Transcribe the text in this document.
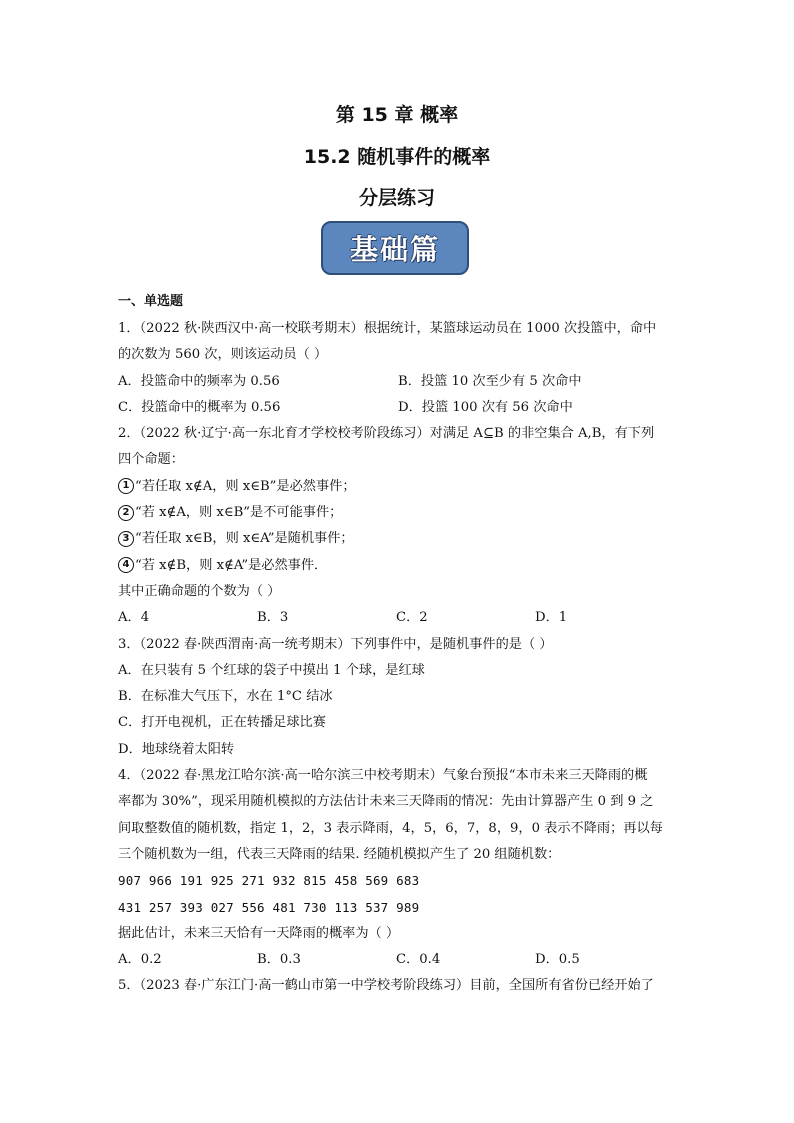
第 15 章 概率
15.2 随机事件的概率
分层练习
基础篇
一、单选题
1．（2022 秋·陕西汉中·高一校联考期末）根据统计，某篮球运动员在 1000 次投篮中，命中
的次数为 560 次，则该运动员（ ）
A．投篮命中的频率为 0.56	B．投篮 10 次至少有 5 次命中
C．投篮命中的概率为 0.56	D．投篮 100 次有 56 次命中
2．（2022 秋·辽宁·高一东北育才学校校考阶段练习）对满足 A⊆B 的非空集合 A,B，有下列
四个命题：
1 “若任取 x∉A，则 x∈B”是必然事件；
2 “若 x∉A，则 x∈B”是不可能事件；
3 “若任取 x∈B，则 x∈A”是随机事件；
4 “若 x∉B，则 x∉A”是必然事件．
其中正确命题的个数为（ ）
A．4	B．3	C．2	D．1
3．（2022 春·陕西渭南·高一统考期末）下列事件中，是随机事件的是（ ）
A．在只装有 5 个红球的袋子中摸出 1 个球，是红球
B．在标准大气压下，水在 1°C 结冰
C．打开电视机，正在转播足球比赛
D．地球绕着太阳转
4．（2022 春·黑龙江哈尔滨·高一哈尔滨三中校考期末）气象台预报“本市未来三天降雨的概
率都为 30%”，现采用随机模拟的方法估计未来三天降雨的情况：先由计算器产生 0 到 9 之
间取整数值的随机数，指定 1，2，3 表示降雨，4，5，6，7，8，9，0 表示不降雨；再以每
三个随机数为一组，代表三天降雨的结果. 经随机模拟产生了 20 组随机数：
907 966 191 925 271 932 815 458 569 683
431 257 393 027 556 481 730 113 537 989
据此估计，未来三天恰有一天降雨的概率为（ ）
A．0.2	B．0.3	C．0.4	D．0.5
5．（2023 春·广东江门·高一鹤山市第一中学校考阶段练习）目前，全国所有省份已经开始了
